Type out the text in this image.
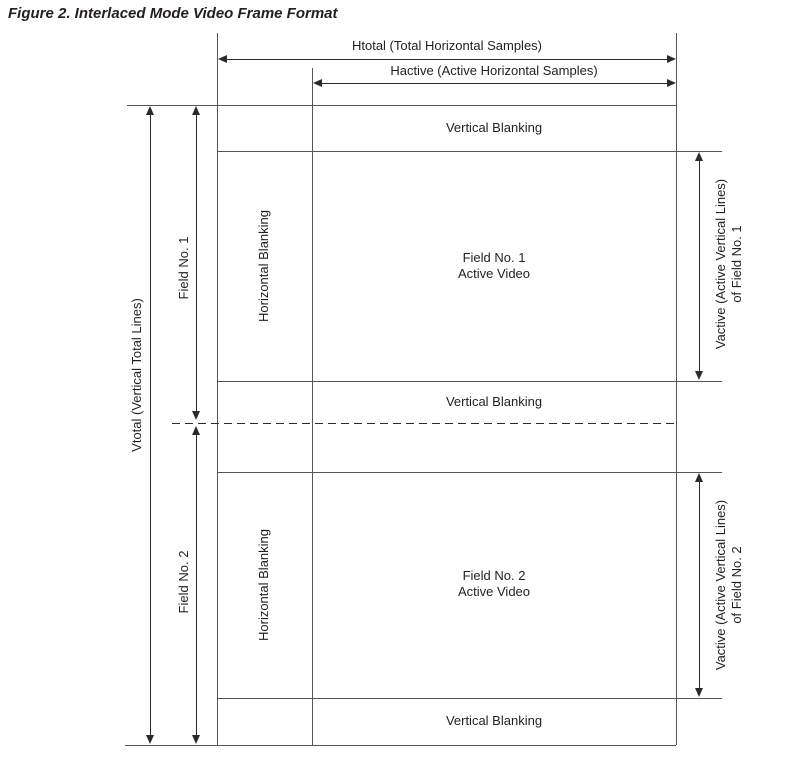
Figure 2. Interlaced Mode Video Frame Format
Htotal (Total Horizontal Samples)
Hactive (Active Horizontal Samples)
Vtotal (Vertical Total Lines)
Field No. 1
Field No. 2
Vactive (Active Vertical Lines) of Field No. 1
Vactive (Active Vertical Lines) of Field No. 2
Vertical Blanking
Vertical Blanking
Vertical Blanking
Horizontal Blanking
Horizontal Blanking
Field No. 1
Active Video
Field No. 2
Active Video
